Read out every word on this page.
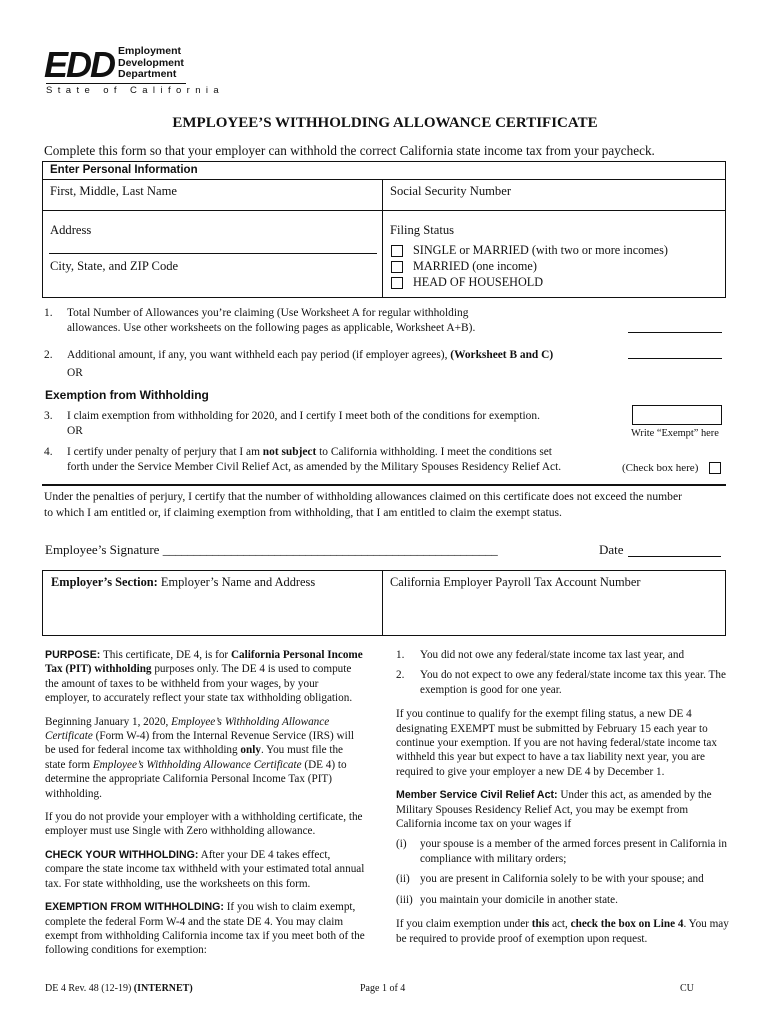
EDD Employment
Development
Department
State of California
EMPLOYEE’S WITHHOLDING ALLOWANCE CERTIFICATE
Complete this form so that your employer can withhold the correct California state income tax from your paycheck.
Enter Personal Information
First, Middle, Last Name	Social Security Number
Address
City, State, and ZIP Code
Filing Status
SINGLE or MARRIED (with two or more incomes)
MARRIED (one income)
HEAD OF HOUSEHOLD
1. Total Number of Allowances you’re claiming (Use Worksheet A for regular withholding
allowances. Use other worksheets on the following pages as applicable, Worksheet A+B).
2. Additional amount, if any, you want withheld each pay period (if employer agrees), (Worksheet B and C)
OR
Exemption from Withholding
3. I claim exemption from withholding for 2020, and I certify I meet both of the conditions for exemption.
OR	Write “Exempt” here
4. I certify under penalty of perjury that I am not subject to California withholding. I meet the conditions set
forth under the Service Member Civil Relief Act, as amended by the Military Spouses Residency Relief Act.	(Check box here)
Under the penalties of perjury, I certify that the number of withholding allowances claimed on this certificate does not exceed the number
to which I am entitled or, if claiming exemption from withholding, that I am entitled to claim the exempt status.
Employee’s Signature ______________________________________________________	Date
Employer’s Section: Employer’s Name and Address	California Employer Payroll Tax Account Number

PURPOSE: This certificate, DE 4, is for California Personal Income Tax (PIT) withholding purposes only. The DE 4 is used to compute the amount of taxes to be withheld from your wages, by your employer, to accurately reflect your state tax withholding obligation.

Beginning January 1, 2020, Employee’s Withholding Allowance Certificate (Form W-4) from the Internal Revenue Service (IRS) will be used for federal income tax withholding only. You must file the state form Employee’s Withholding Allowance Certificate (DE 4) to determine the appropriate California Personal Income Tax (PIT) withholding.

If you do not provide your employer with a withholding certificate, the employer must use Single with Zero withholding allowance.

CHECK YOUR WITHHOLDING: After your DE 4 takes effect, compare the state income tax withheld with your estimated total annual tax. For state withholding, use the worksheets on this form.

EXEMPTION FROM WITHHOLDING: If you wish to claim exempt, complete the federal Form W-4 and the state DE 4. You may claim exempt from withholding California income tax if you meet both of the following conditions for exemption:

1.	You did not owe any federal/state income tax last year, and
2.	You do not expect to owe any federal/state income tax this year. The exemption is good for one year.

If you continue to qualify for the exempt filing status, a new DE 4 designating EXEMPT must be submitted by February 15 each year to continue your exemption. If you are not having federal/state income tax withheld this year but expect to have a tax liability next year, you are required to give your employer a new DE 4 by December 1.

Member Service Civil Relief Act: Under this act, as amended by the Military Spouses Residency Relief Act, you may be exempt from California income tax on your wages if

(i)	your spouse is a member of the armed forces present in California in compliance with military orders;
(ii) you are present in California solely to be with your spouse; and
(iii) you maintain your domicile in another state.

If you claim exemption under this act, check the box on Line 4. You may be required to provide proof of exemption upon request.

DE 4 Rev. 48 (12-19) (INTERNET)	Page 1 of 4	CU
